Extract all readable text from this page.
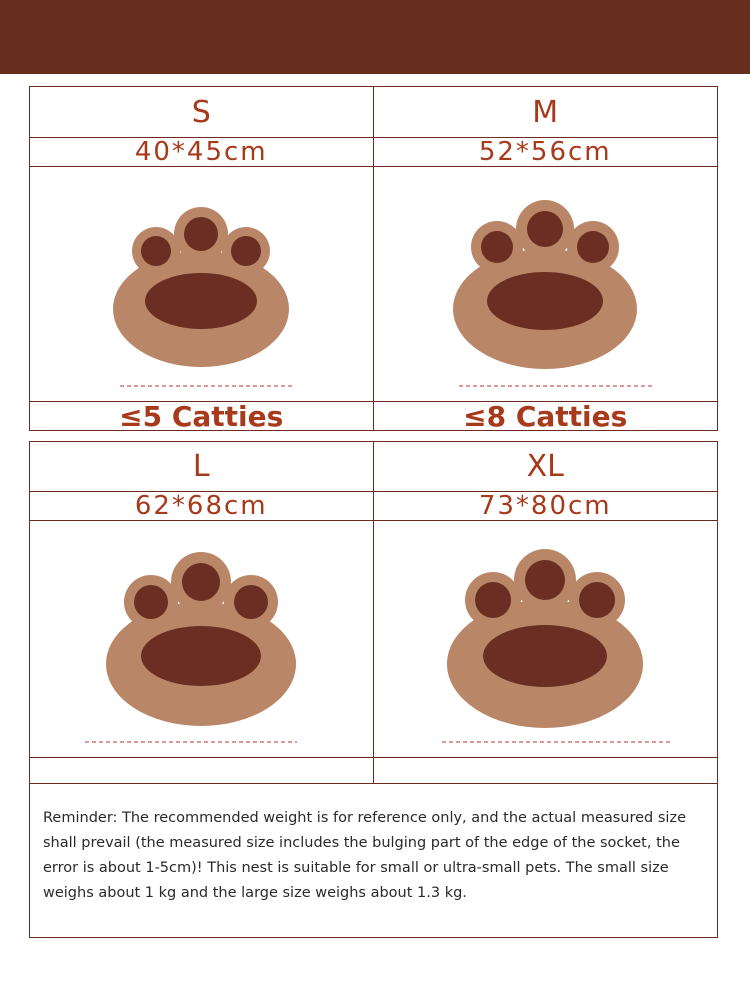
S
40*45cm
≤5 Catties
M
52*56cm
≤8 Catties
L
62*68cm
XL
73*80cm
Reminder: The recommended weight is for reference only, and the actual measured size shall prevail (the measured size includes the bulging part of the edge of the socket, the error is about 1-5cm)! This nest is suitable for small or ultra-small pets. The small size weighs about 1 kg and the large size weighs about 1.3 kg.
